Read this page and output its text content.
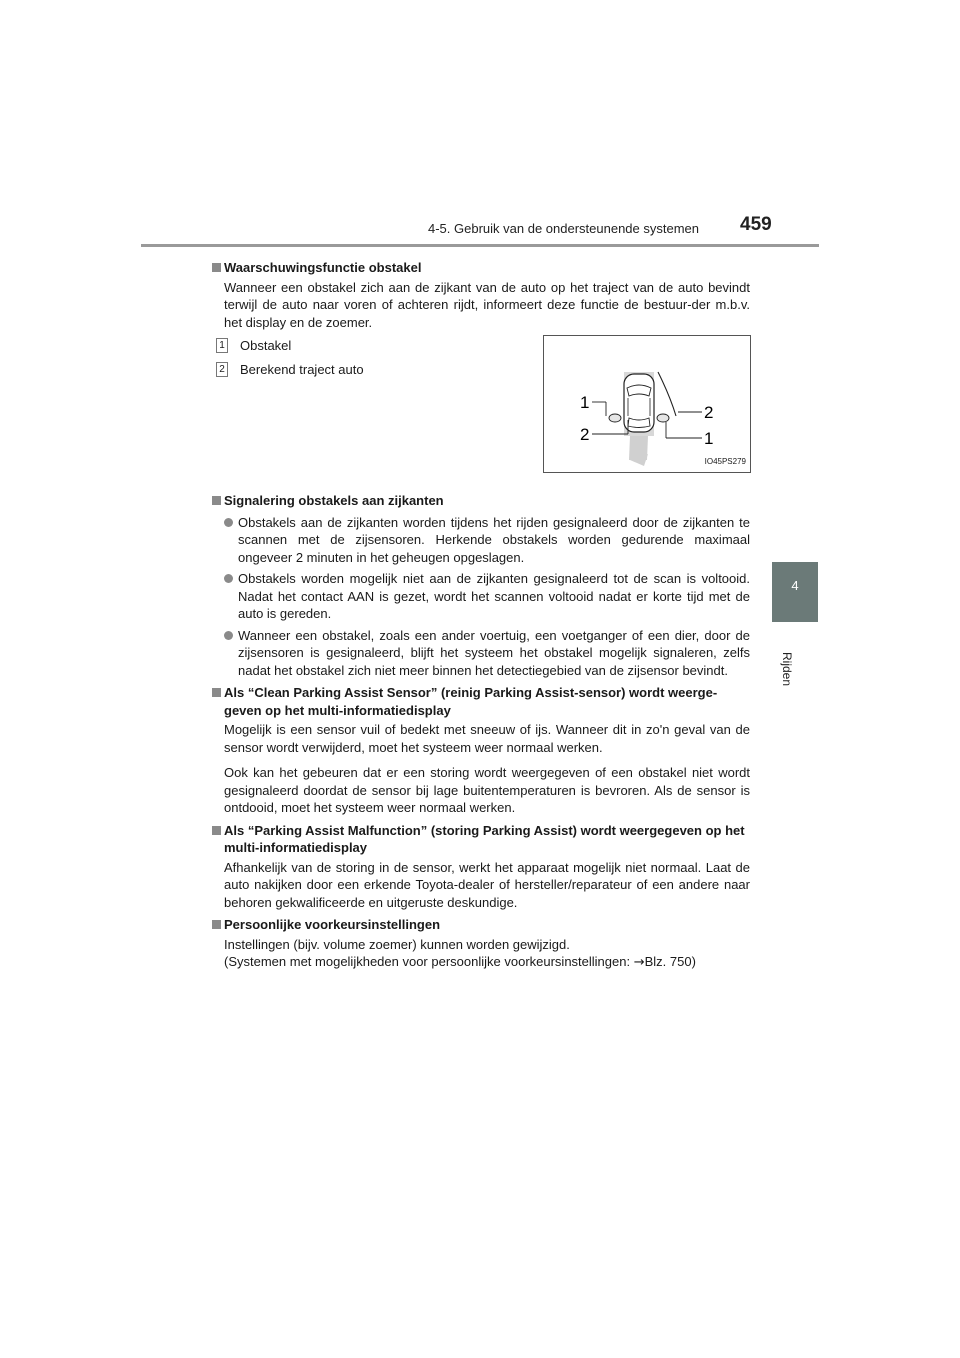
4-5. Gebruik van de ondersteunende systemen 459
4
Rijden
Waarschuwingsfunctie obstakel
Wanneer een obstakel zich aan de zijkant van de auto op het traject van de auto bevindt terwijl de auto naar voren of achteren rijdt, informeert deze functie de bestuur-der m.b.v. het display en de zoemer.
1 Obstakel
2 Berekend traject auto
1
2
2
1
IO45PS279
Signalering obstakels aan zijkanten
Obstakels aan de zijkanten worden tijdens het rijden gesignaleerd door de zijkanten te scannen met de zijsensoren. Herkende obstakels worden gedurende maximaal ongeveer 2 minuten in het geheugen opgeslagen.
Obstakels worden mogelijk niet aan de zijkanten gesignaleerd tot de scan is voltooid. Nadat het contact AAN is gezet, wordt het scannen voltooid nadat er korte tijd met de auto is gereden.
Wanneer een obstakel, zoals een ander voertuig, een voetganger of een dier, door de zijsensoren is gesignaleerd, blijft het systeem het obstakel mogelijk signaleren, zelfs nadat het obstakel zich niet meer binnen het detectiegebied van de zijsensor bevindt.
Als “Clean Parking Assist Sensor” (reinig Parking Assist-sensor) wordt weerge-geven op het multi-informatiedisplay
Mogelijk is een sensor vuil of bedekt met sneeuw of ijs. Wanneer dit in zo'n geval van de sensor wordt verwijderd, moet het systeem weer normaal werken.
Ook kan het gebeuren dat er een storing wordt weergegeven of een obstakel niet wordt gesignaleerd doordat de sensor bij lage buitentemperaturen is bevroren. Als de sensor is ontdooid, moet het systeem weer normaal werken.
Als “Parking Assist Malfunction” (storing Parking Assist) wordt weergegeven op het multi-informatiedisplay
Afhankelijk van de storing in de sensor, werkt het apparaat mogelijk niet normaal. Laat de auto nakijken door een erkende Toyota-dealer of hersteller/reparateur of een andere naar behoren gekwalificeerde en uitgeruste deskundige.
Persoonlijke voorkeursinstellingen
Instellingen (bijv. volume zoemer) kunnen worden gewijzigd.
(Systemen met mogelijkheden voor persoonlijke voorkeursinstellingen: →Blz. 750)
